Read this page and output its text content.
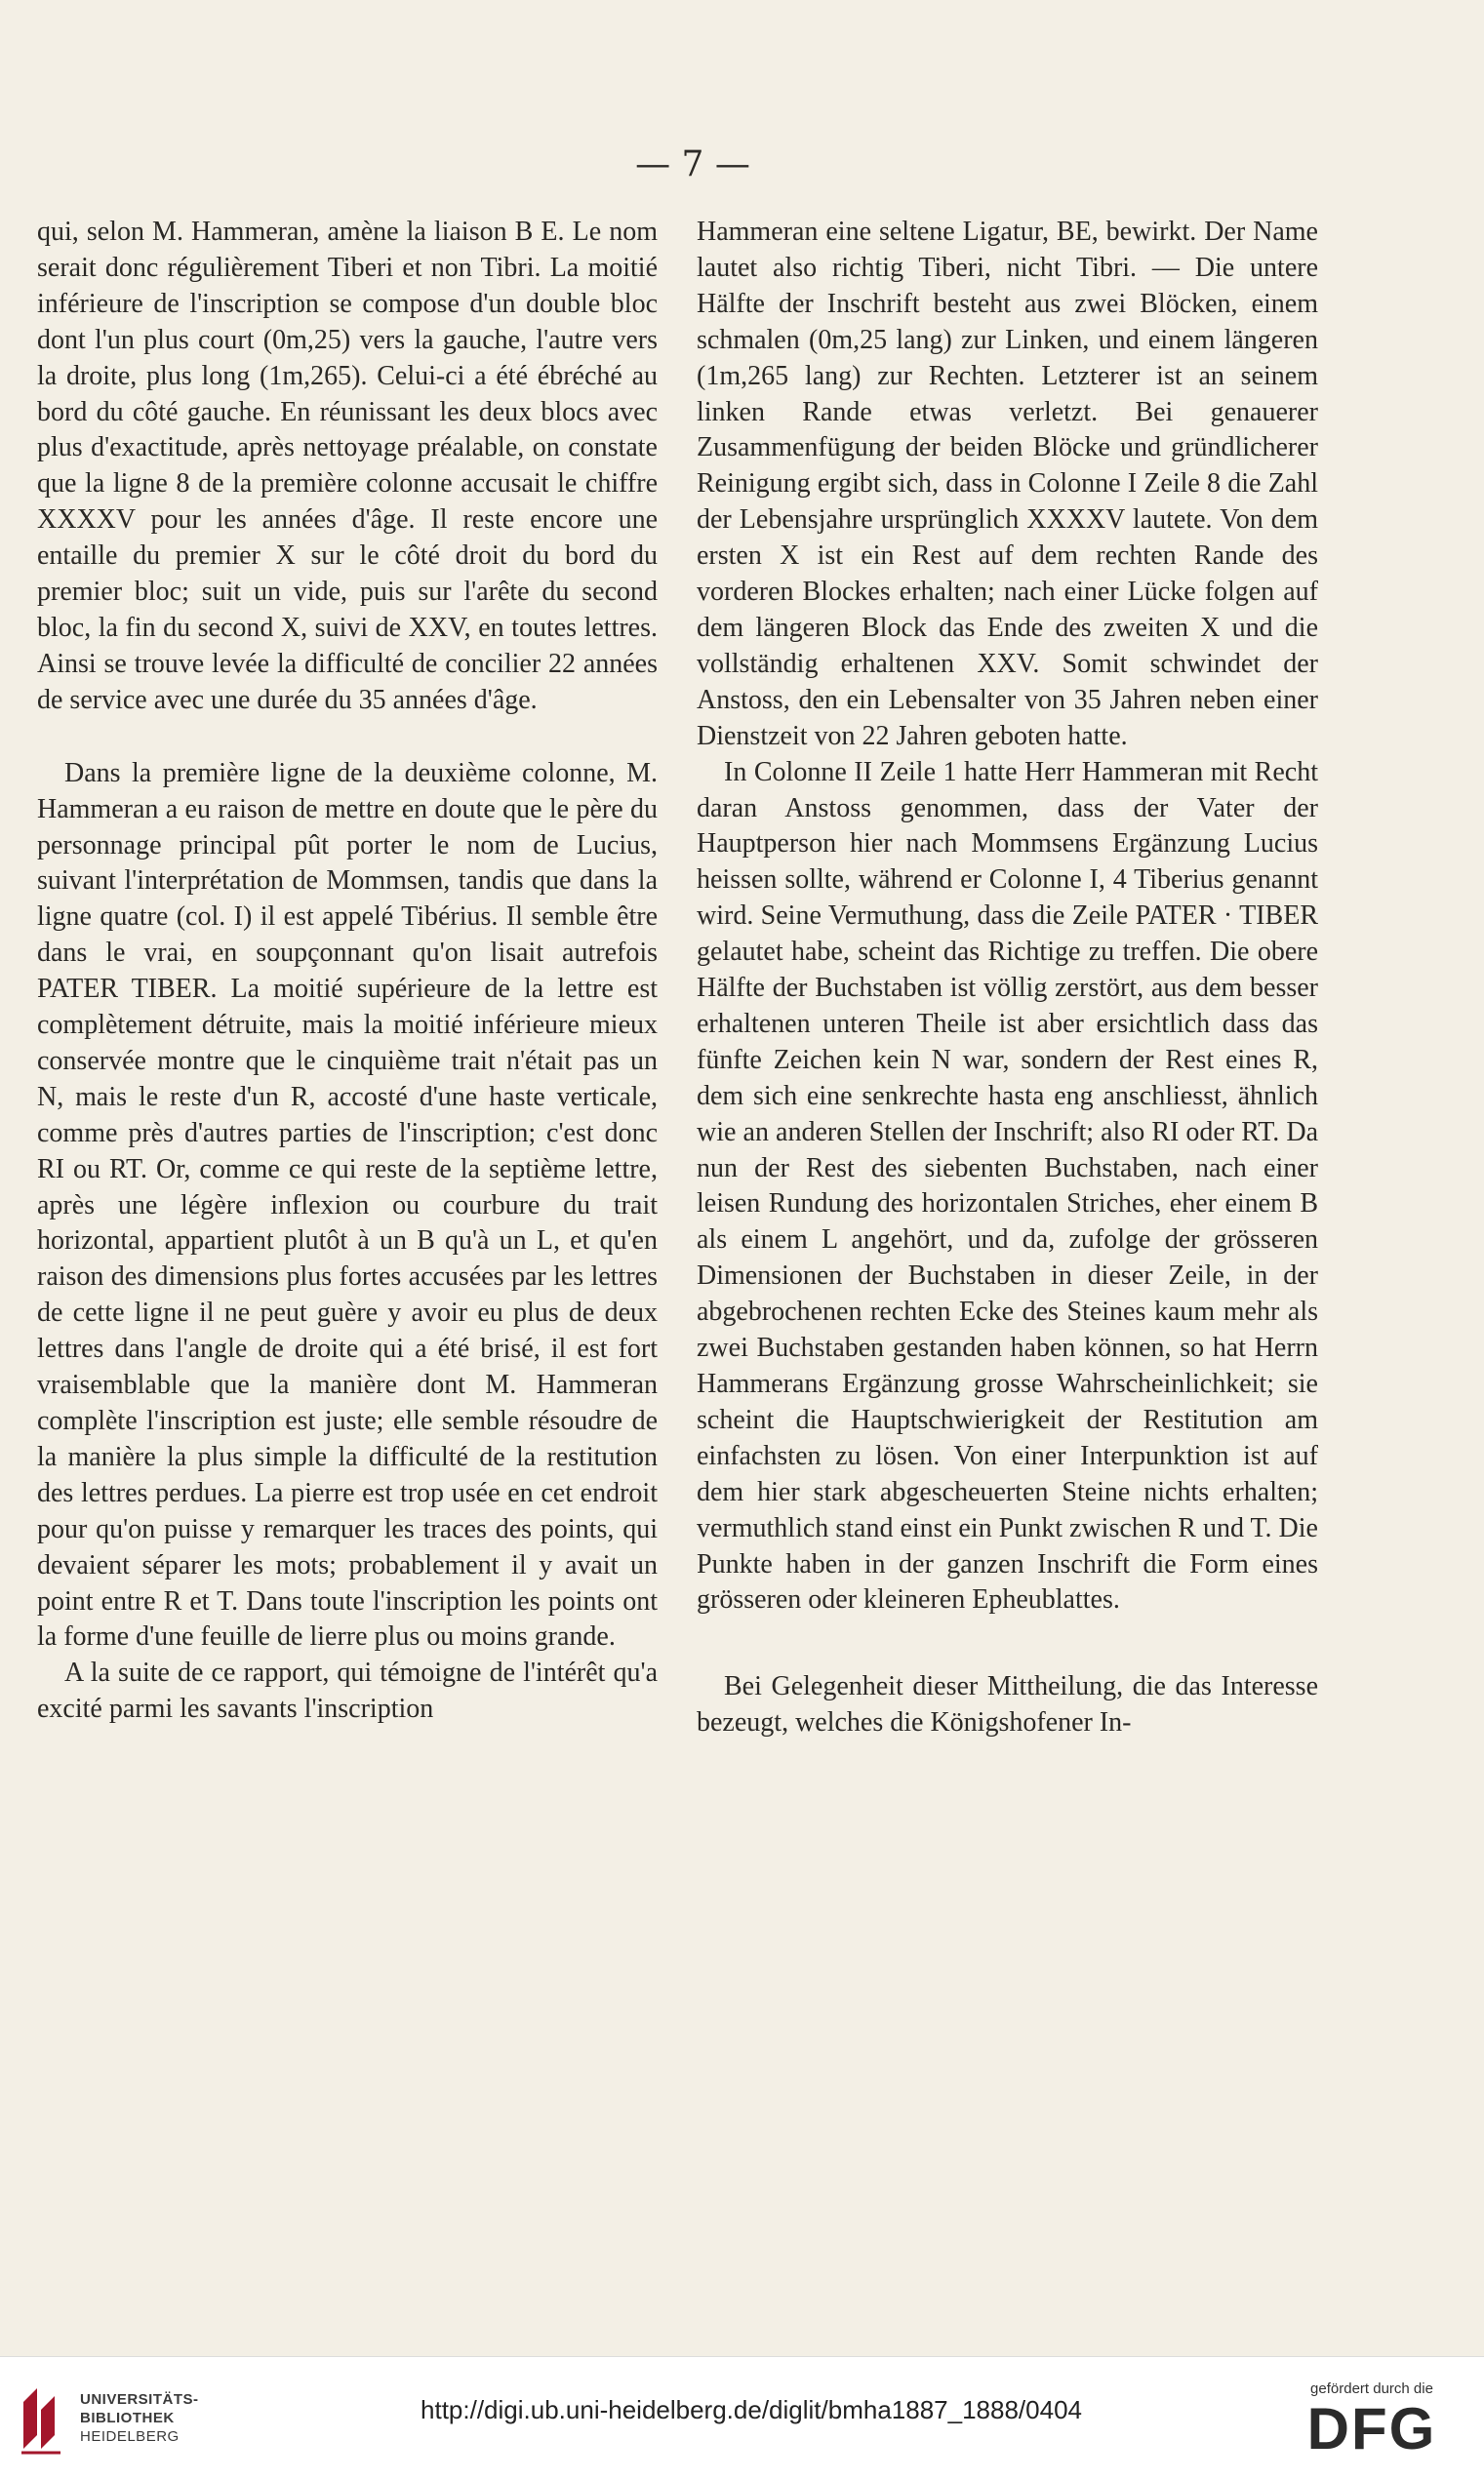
— 7 —

qui, selon M. Hammeran, amène la liaison B E. Le nom serait donc régulièrement Tiberi et non Tibri. La moitié inférieure de l'inscription se compose d'un double bloc dont l'un plus court (0m,25) vers la gauche, l'autre vers la droite, plus long (1m,265). Celui-ci a été ébréché au bord du côté gauche. En réunissant les deux blocs avec plus d'exactitude, après nettoyage préalable, on constate que la ligne 8 de la première colonne accusait le chiffre XXXXV pour les années d'âge. Il reste encore une entaille du premier X sur le côté droit du bord du premier bloc; suit un vide, puis sur l'arête du second bloc, la fin du second X, suivi de XXV, en toutes lettres. Ainsi se trouve levée la difficulté de concilier 22 années de service avec une durée du 35 années d'âge.

Dans la première ligne de la deuxième colonne, M. Hammeran a eu raison de mettre en doute que le père du personnage principal pût porter le nom de Lucius, suivant l'interprétation de Mommsen, tandis que dans la ligne quatre (col. I) il est appelé Tibérius. Il semble être dans le vrai, en soupçonnant qu'on lisait autrefois PATER TIBER. La moitié supérieure de la lettre est complètement détruite, mais la moitié inférieure mieux conservée montre que le cinquième trait n'était pas un N, mais le reste d'un R, accosté d'une haste verticale, comme près d'autres parties de l'inscription; c'est donc RI ou RT. Or, comme ce qui reste de la septième lettre, après une légère inflexion ou courbure du trait horizontal, appartient plutôt à un B qu'à un L, et qu'en raison des dimensions plus fortes accusées par les lettres de cette ligne il ne peut guère y avoir eu plus de deux lettres dans l'angle de droite qui a été brisé, il est fort vraisemblable que la manière dont M. Hammeran complète l'inscription est juste; elle semble résoudre de la manière la plus simple la difficulté de la restitution des lettres perdues. La pierre est trop usée en cet endroit pour qu'on puisse y remarquer les traces des points, qui devaient séparer les mots; probablement il y avait un point entre R et T. Dans toute l'inscription les points ont la forme d'une feuille de lierre plus ou moins grande.

A la suite de ce rapport, qui témoigne de l'intérêt qu'a excité parmi les savants l'inscription

Hammeran eine seltene Ligatur, BE, bewirkt. Der Name lautet also richtig Tiberi, nicht Tibri. — Die untere Hälfte der Inschrift besteht aus zwei Blöcken, einem schmalen (0m,25 lang) zur Linken, und einem längeren (1m,265 lang) zur Rechten. Letzterer ist an seinem linken Rande etwas verletzt. Bei genauerer Zusammenfügung der beiden Blöcke und gründlicherer Reinigung ergibt sich, dass in Colonne I Zeile 8 die Zahl der Lebensjahre ursprünglich XXXXV lautete. Von dem ersten X ist ein Rest auf dem rechten Rande des vorderen Blockes erhalten; nach einer Lücke folgen auf dem längeren Block das Ende des zweiten X und die vollständig erhaltenen XXV. Somit schwindet der Anstoss, den ein Lebensalter von 35 Jahren neben einer Dienstzeit von 22 Jahren geboten hatte.

In Colonne II Zeile 1 hatte Herr Hammeran mit Recht daran Anstoss genommen, dass der Vater der Hauptperson hier nach Mommsens Ergänzung Lucius heissen sollte, während er Colonne I, 4 Tiberius genannt wird. Seine Vermuthung, dass die Zeile PATER · TIBER gelautet habe, scheint das Richtige zu treffen. Die obere Hälfte der Buchstaben ist völlig zerstört, aus dem besser erhaltenen unteren Theile ist aber ersichtlich dass das fünfte Zeichen kein N war, sondern der Rest eines R, dem sich eine senkrechte hasta eng anschliesst, ähnlich wie an anderen Stellen der Inschrift; also RI oder RT. Da nun der Rest des siebenten Buchstaben, nach einer leisen Rundung des horizontalen Striches, eher einem B als einem L angehört, und da, zufolge der grösseren Dimensionen der Buchstaben in dieser Zeile, in der abgebrochenen rechten Ecke des Steines kaum mehr als zwei Buchstaben gestanden haben können, so hat Herrn Hammerans Ergänzung grosse Wahrscheinlichkeit; sie scheint die Hauptschwierigkeit der Restitution am einfachsten zu lösen. Von einer Interpunktion ist auf dem hier stark abgescheuerten Steine nichts erhalten; vermuthlich stand einst ein Punkt zwischen R und T. Die Punkte haben in der ganzen Inschrift die Form eines grösseren oder kleineren Epheublattes.

Bei Gelegenheit dieser Mittheilung, die das Interesse bezeugt, welches die Königshofener In-

UNIVERSITÄTS-
BIBLIOTHEK
HEIDELBERG
http://digi.ub.uni-heidelberg.de/diglit/bmha1887_1888/0404
gefördert durch die
DFG
